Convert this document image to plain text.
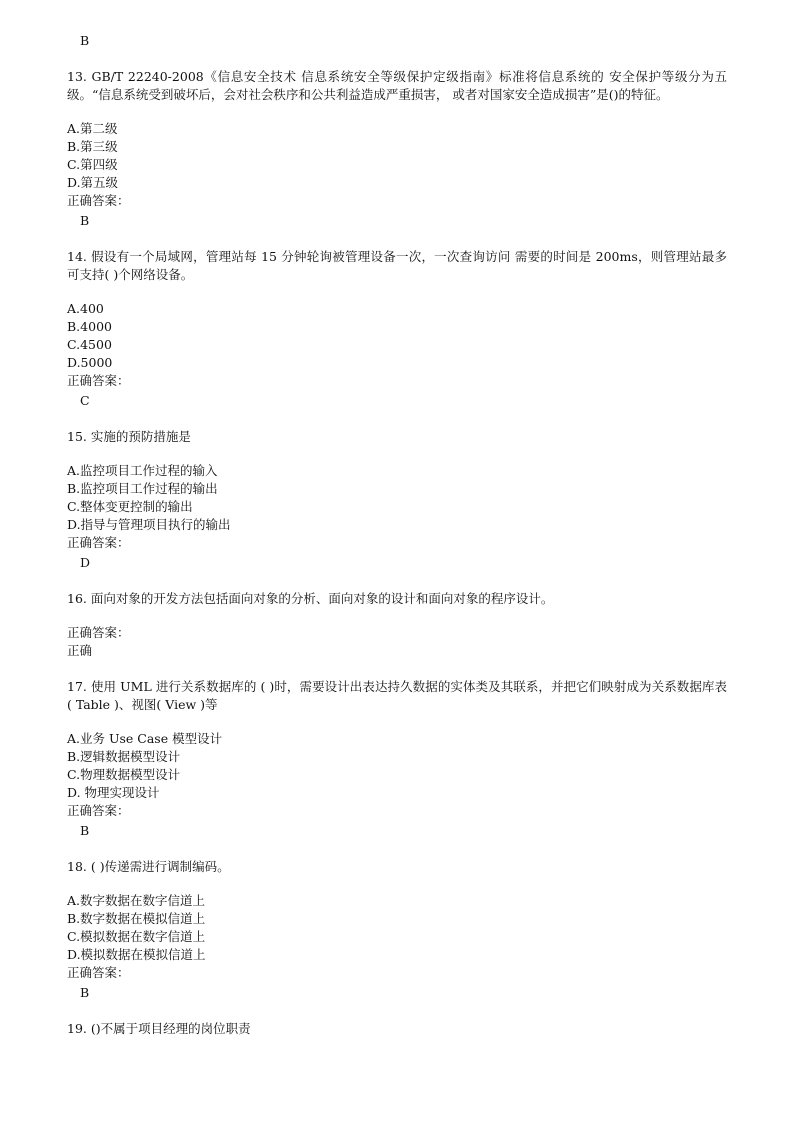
B

13. GB/T 22240-2008《信息安全技术 信息系统安全等级保护定级指南》标准将信息系统的 安全保护等级分为五级。“信息系统受到破坏后，会对社会秩序和公共利益造成严重损害， 或者对国家安全造成损害”是()的特征。

A.第二级

B.第三级

C.第四级

D.第五级

正确答案：

B

14. 假设有一个局域网，管理站每 15 分钟轮询被管理设备一次，一次查询访问 需要的时间是 200ms，则管理站最多可支持( )个网络设备。

A.400

B.4000

C.4500

D.5000

正确答案：

C

15. 实施的预防措施是

A.监控项目工作过程的输入

B.监控项目工作过程的输出

C.整体变更控制的输出

D.指导与管理项目执行的输出

正确答案：

D

16. 面向对象的开发方法包括面向对象的分析、面向对象的设计和面向对象的程序设计。

正确答案：

正确

17. 使用 UML 进行关系数据库的 ( )时，需要设计出表达持久数据的实体类及其联系，并把它们映射成为关系数据库表( Table )、视图( View )等

A.业务 Use Case 模型设计

B.逻辑数据模型设计

C.物理数据模型设计

D. 物理实现设计

正确答案：

B

18. ( )传递需进行调制编码。

A.数字数据在数字信道上

B.数字数据在模拟信道上

C.模拟数据在数字信道上

D.模拟数据在模拟信道上

正确答案：

B

19. ()不属于项目经理的岗位职责
